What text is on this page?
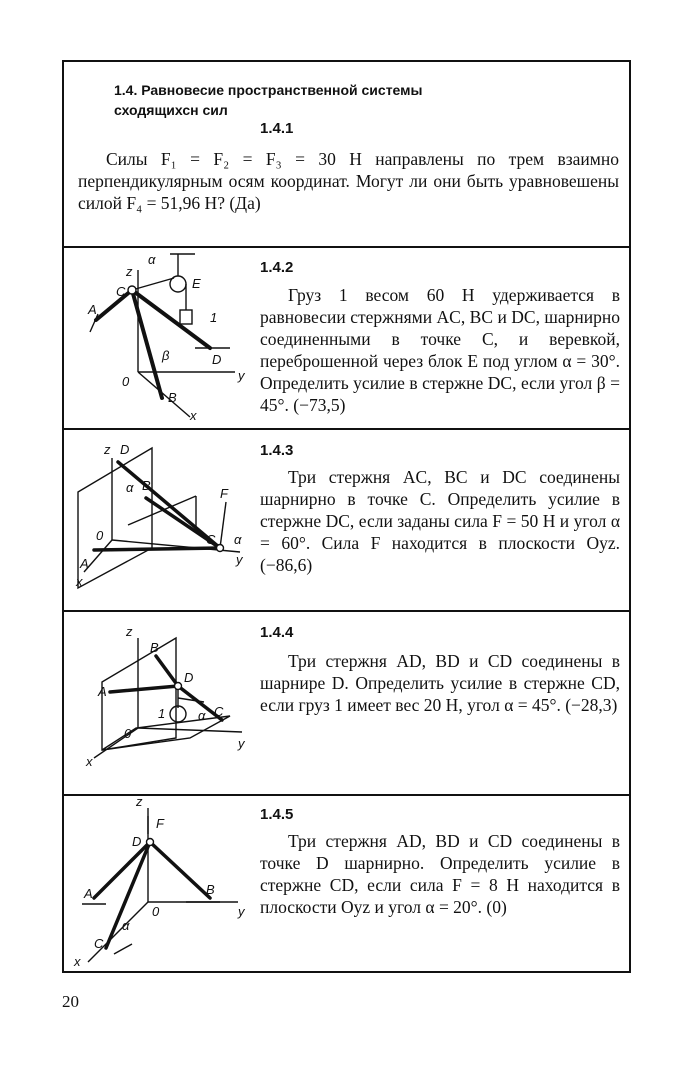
1.4. Равновесие пространственной системы
сходящихсн сил
1.4.1
Силы F₁ = F₂ = F₃ = 30 Н направлены по трем взаимно перпендикулярным осям координат. Могут ли они быть уравновешены силой F₄ = 51,96 Н? (Да)
1.4.2
Груз 1 весом 60 Н удерживается в равновесии стержнями AC, BC и DC, шарнирно соединенными в точке C, и веревкой, переброшенной через блок E под углом α = 30°. Определить усилие в стержне DC, если угол β = 45°. (−73,5)
z
α
C
E
A
1
β	D
0
B
y
x
1.4.3
Три стержня AC, BC и DC соединены шарнирно в точке C. Определить усилие в стержне DC, если заданы сила F = 50 Н и угол α = 60°. Сила F находится в плоскости Oyz. (−86,6)
z D
α B
F
0	C α
A	y
x
1.4.4
Три стержня AD, BD и CD соединены в шарнире D. Определить усилие в стержне CD, если груз 1 имеет вес 20 Н, угол α = 45°. (−28,3)
z
B
A
D
1	α C
0
y
x
1.4.5
Три стержня AD, BD и CD соединены в точке D шарнирно. Определить усилие в стержне CD, если сила F = 8 Н находится в плоскости Oyz и угол α = 20°. (0)
z
D
F
A	B
α
0	y
C
x
20
